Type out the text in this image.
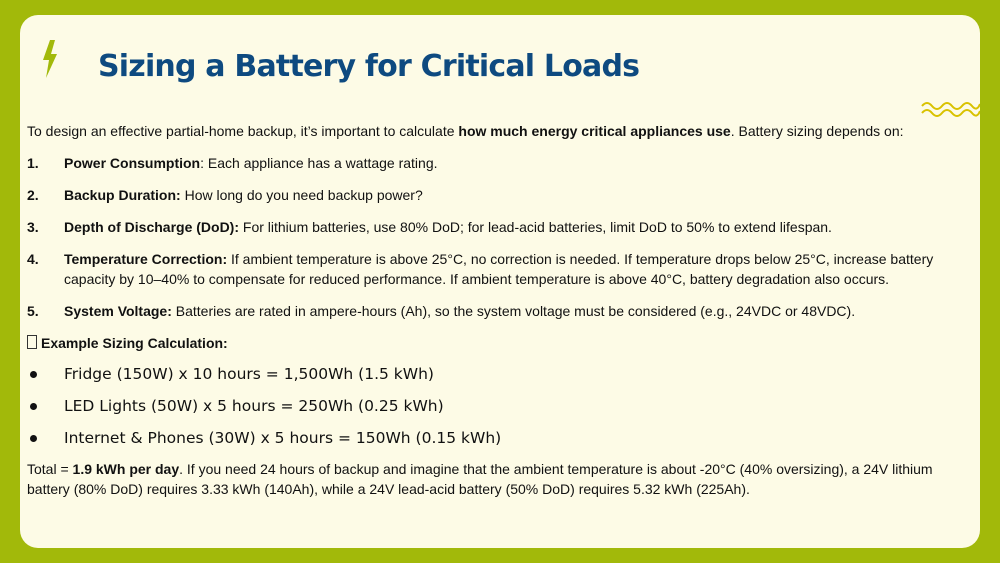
Sizing a Battery for Critical Loads

To design an effective partial-home backup, it’s important to calculate how much energy critical appliances use. Battery sizing depends on:

1. Power Consumption: Each appliance has a wattage rating.
2. Backup Duration: How long do you need backup power?
3. Depth of Discharge (DoD): For lithium batteries, use 80% DoD; for lead-acid batteries, limit DoD to 50% to extend lifespan.
4. Temperature Correction: If ambient temperature is above 25°C, no correction is needed. If temperature drops below 25°C, increase battery capacity by 10–40% to compensate for reduced performance. If ambient temperature is above 40°C, battery degradation also occurs.
5. System Voltage: Batteries are rated in ampere-hours (Ah), so the system voltage must be considered (e.g., 24VDC or 48VDC).

Example Sizing Calculation:

Fridge (150W) x 10 hours = 1,500Wh (1.5 kWh)
LED Lights (50W) x 5 hours = 250Wh (0.25 kWh)
Internet & Phones (30W) x 5 hours = 150Wh (0.15 kWh)

Total = 1.9 kWh per day. If you need 24 hours of backup and imagine that the ambient temperature is about -20°C (40% oversizing), a 24V lithium battery (80% DoD) requires 3.33 kWh (140Ah), while a 24V lead-acid battery (50% DoD) requires 5.32 kWh (225Ah).
